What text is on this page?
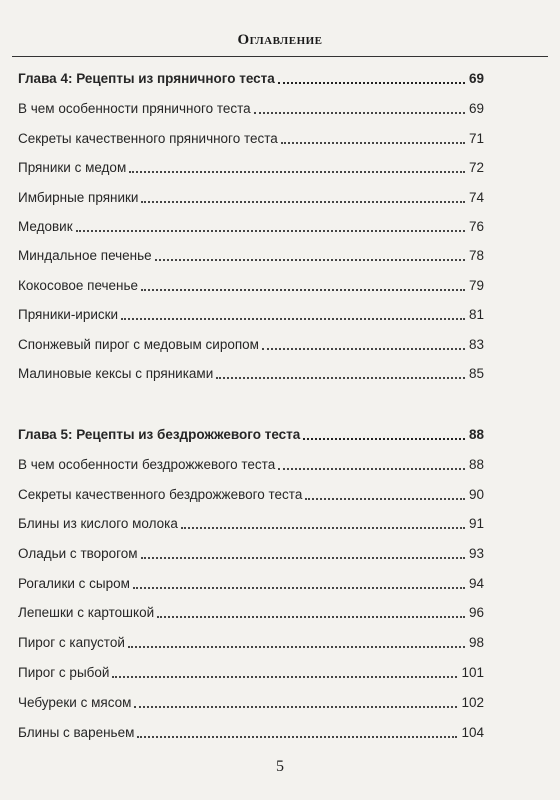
Оглавление
Глава 4: Рецепты из пряничного теста	69
В чем особенности пряничного теста	69
Секреты качественного пряничного теста	71
Пряники с медом	72
Имбирные пряники	74
Медовик	76
Миндальное печенье	78
Кокосовое печенье	79
Пряники-ириски	81
Спонжевый пирог с медовым сиропом	83
Малиновые кексы с пряниками	85
Глава 5: Рецепты из бездрожжевого теста	88
В чем особенности бездрожжевого теста	88
Секреты качественного бездрожжевого теста	90
Блины из кислого молока	91
Оладьи с творогом	93
Рогалики с сыром	94
Лепешки с картошкой	96
Пирог с капустой	98
Пирог с рыбой	101
Чебуреки с мясом	102
Блины с вареньем	104
5
